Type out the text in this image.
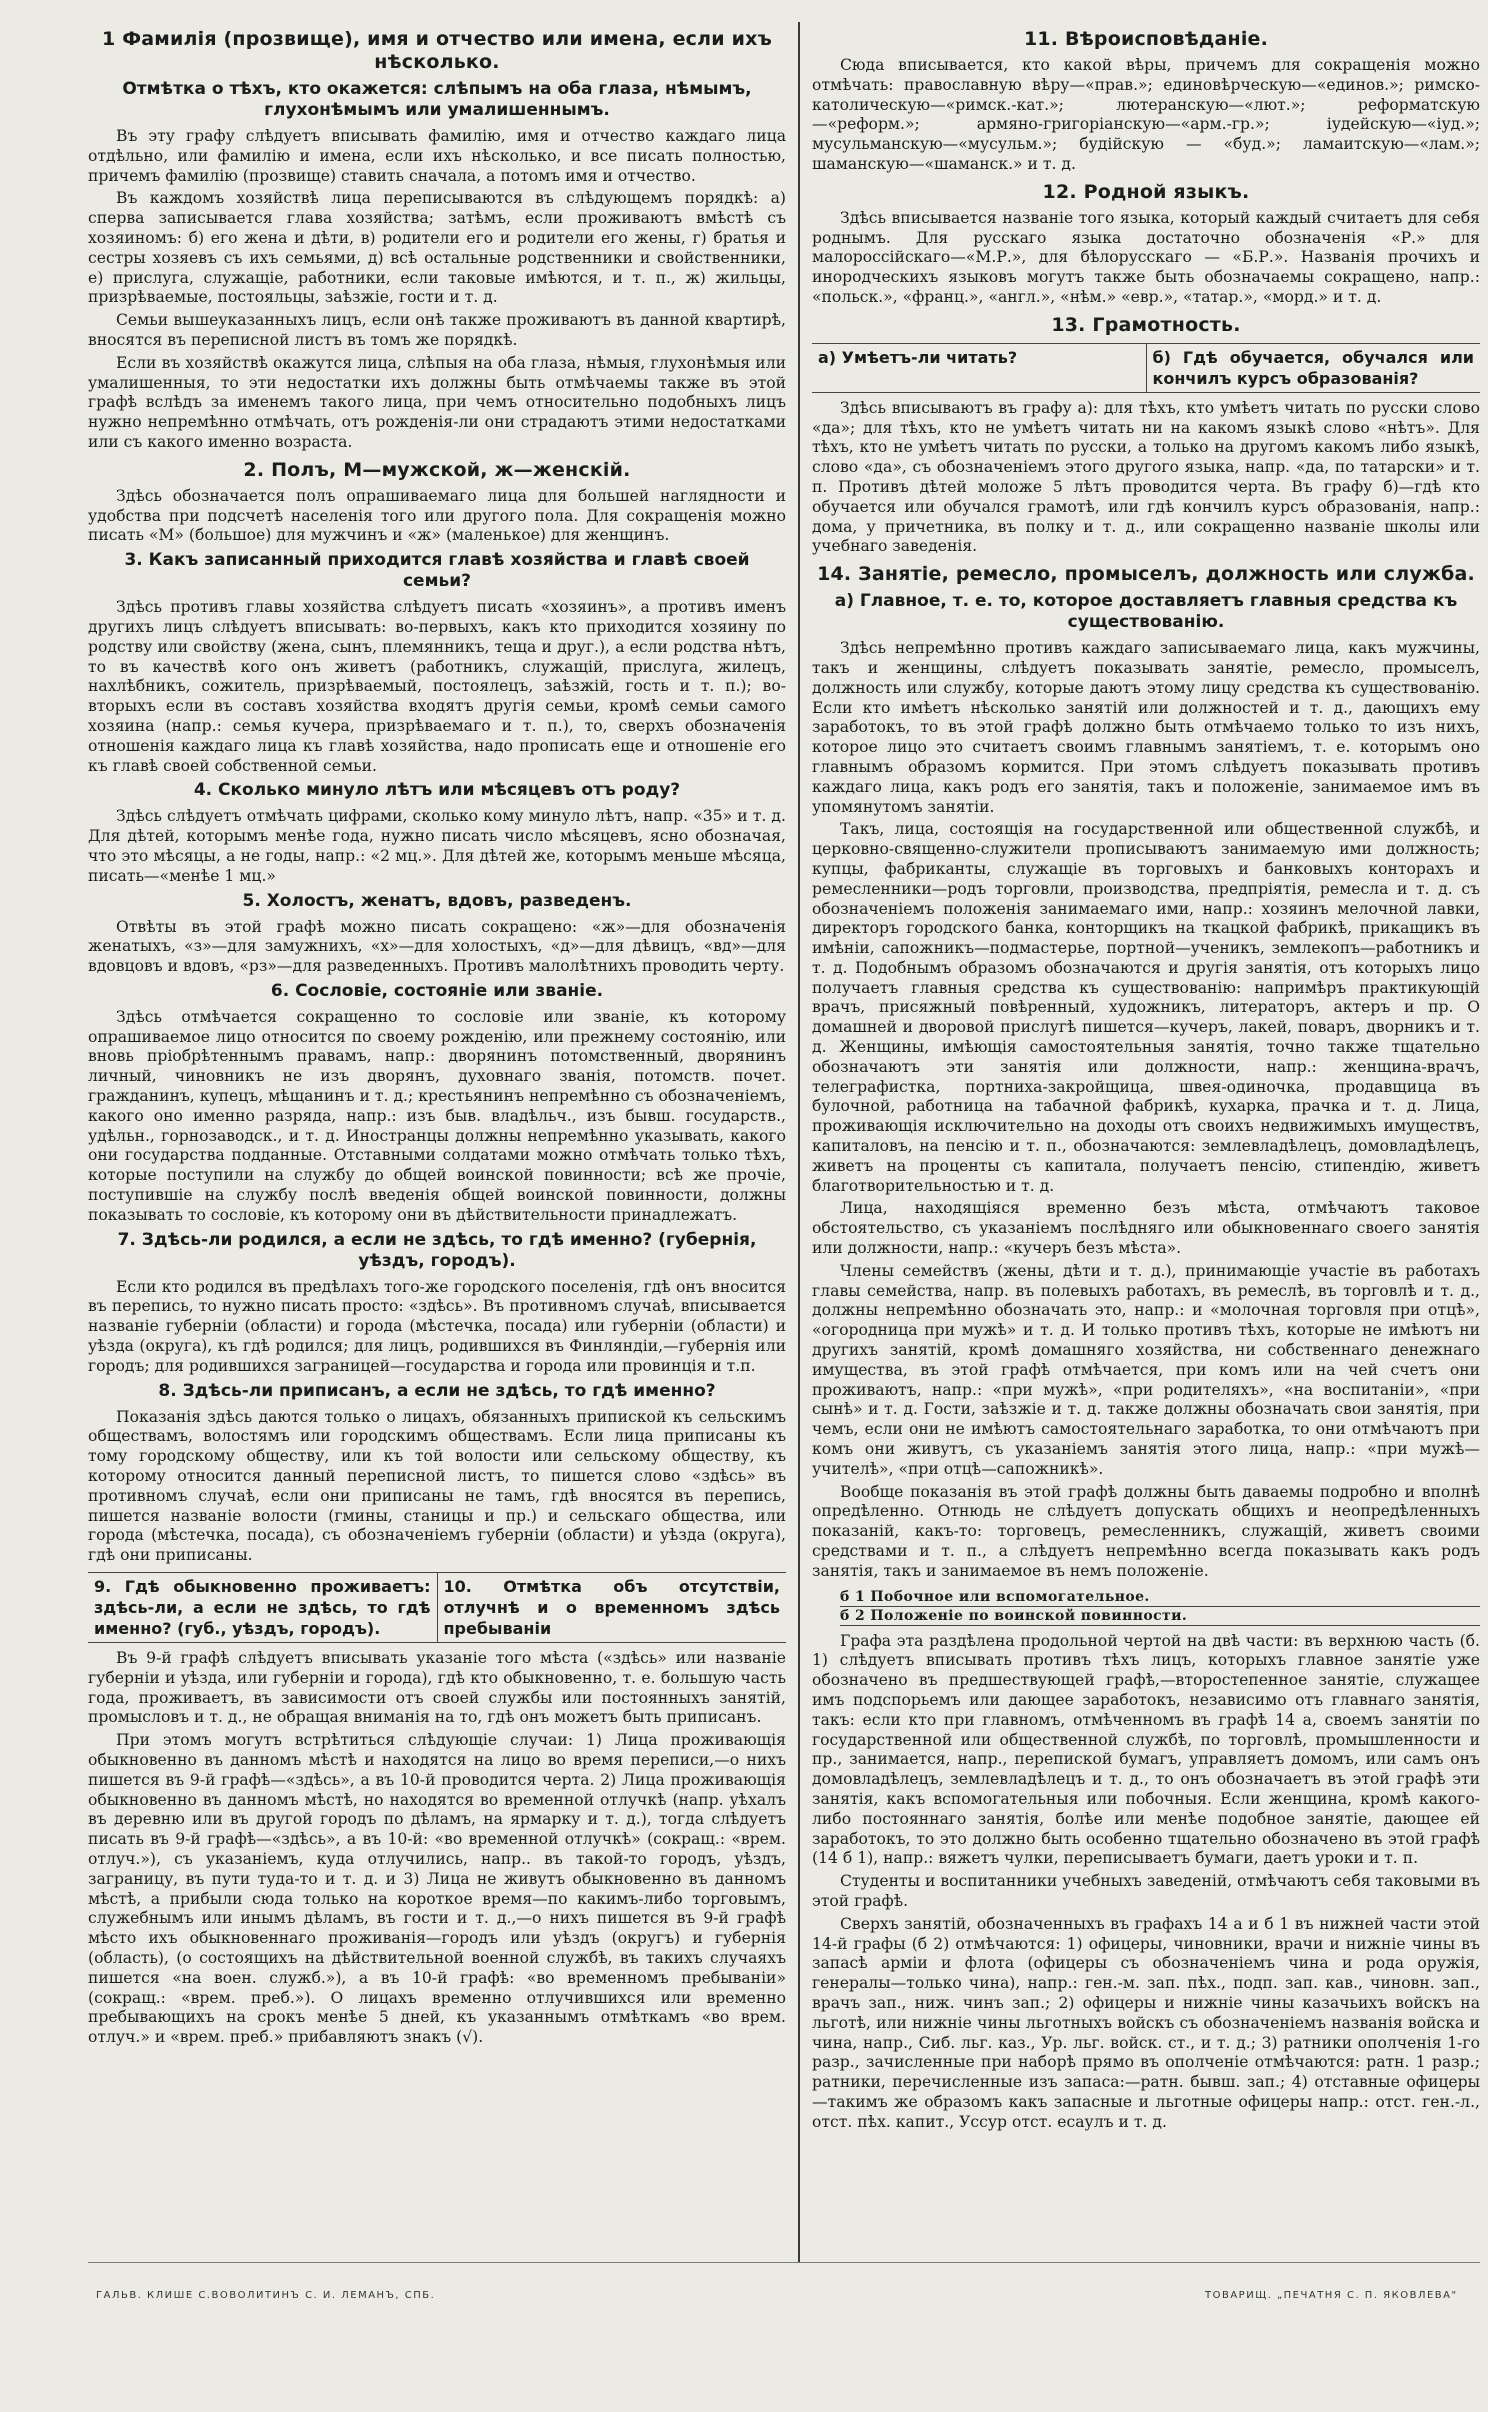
1 Фамилія (прозвище), имя и отчество или имена, если ихъ нѣсколько.
Отмѣтка о тѣхъ, кто окажется: слѣпымъ на оба глаза, нѣмымъ, глухонѣмымъ или умалишеннымъ.

Въ эту графу слѣдуетъ вписывать фамилію, имя и отчество каждаго лица отдѣльно, или фамилію и имена, если ихъ нѣсколько, и все писать полностью, причемъ фамилію (прозвище) ставить сначала, а потомъ имя и отчество.

Въ каждомъ хозяйствѣ лица переписываются въ слѣдующемъ порядкѣ: а) сперва записывается глава хозяйства; затѣмъ, если проживаютъ вмѣстѣ съ хозяиномъ: б) его жена и дѣти, в) родители его и родители его жены, г) братья и сестры хозяевъ съ ихъ семьями, д) всѣ остальные родственники и свойственники, е) прислуга, служащіе, работники, если таковые имѣются, и т. п., ж) жильцы, призрѣваемые, постояльцы, заѣзжіе, гости и т. д.

Семьи вышеуказанныхъ лицъ, если онѣ также проживаютъ въ данной квартирѣ, вносятся въ переписной листъ въ томъ же порядкѣ.

Если въ хозяйствѣ окажутся лица, слѣпыя на оба глаза, нѣмыя, глухонѣмыя или умалишенныя, то эти недостатки ихъ должны быть отмѣчаемы также въ этой графѣ вслѣдъ за именемъ такого лица, при чемъ относительно подобныхъ лицъ нужно непремѣнно отмѣчать, отъ рожденія-ли они страдаютъ этими недостатками или съ какого именно возраста.

2. Полъ, М—мужской, ж—женскій.

Здѣсь обозначается полъ опрашиваемаго лица для большей наглядности и удобства при подсчетѣ населенія того или другого пола. Для сокращенія можно писать «М» (большое) для мужчинъ и «ж» (маленькое) для женщинъ.

3. Какъ записанный приходится главѣ хозяйства и главѣ своей семьи?

Здѣсь противъ главы хозяйства слѣдуетъ писать «хозяинъ», а противъ именъ другихъ лицъ слѣдуетъ вписывать: во-первыхъ, какъ кто приходится хозяину по родству или свойству (жена, сынъ, племянникъ, теща и друг.), а если родства нѣтъ, то въ качествѣ кого онъ живетъ (работникъ, служащій, прислуга, жилецъ, нахлѣбникъ, сожитель, призрѣваемый, постоялецъ, заѣзжій, гость и т. п.); во-вторыхъ если въ составъ хозяйства входятъ другія семьи, кромѣ семьи самого хозяина (напр.: семья кучера, призрѣваемаго и т. п.), то, сверхъ обозначенія отношенія каждаго лица къ главѣ хозяйства, надо прописать еще и отношеніе его къ главѣ своей собственной семьи.

4. Сколько минуло лѣтъ или мѣсяцевъ отъ роду?

Здѣсь слѣдуетъ отмѣчать цифрами, сколько кому минуло лѣтъ, напр. «35» и т. д. Для дѣтей, которымъ менѣе года, нужно писать число мѣсяцевъ, ясно обозначая, что это мѣсяцы, а не годы, напр.: «2 мц.». Для дѣтей же, которымъ меньше мѣсяца, писать—«менѣе 1 мц.»

5. Холостъ, женатъ, вдовъ, разведенъ.

Отвѣты въ этой графѣ можно писать сокращено: «ж»—для обозначенія женатыхъ, «з»—для замужнихъ, «х»—для холостыхъ, «д»—для дѣвицъ, «вд»—для вдовцовъ и вдовъ, «рз»—для разведенныхъ. Противъ малолѣтнихъ проводить черту.

6. Сословіе, состояніе или званіе.

Здѣсь отмѣчается сокращенно то сословіе или званіе, къ которому опрашиваемое лицо относится по своему рожденію, или прежнему состоянію, или вновь пріобрѣтеннымъ правамъ, напр.: дворянинъ потомственный, дворянинъ личный, чиновникъ не изъ дворянъ, духовнаго званія, потомств. почет. гражданинъ, купецъ, мѣщанинъ и т. д.; крестьянинъ непремѣнно съ обозначеніемъ, какого оно именно разряда, напр.: изъ быв. владѣльч., изъ бывш. государств., удѣльн., горнозаводск., и т. д. Иностранцы должны непремѣнно указывать, какого они государства подданные. Отставными солдатами можно отмѣчать только тѣхъ, которые поступили на службу до общей воинской повинности; всѣ же прочіе, поступившіе на службу послѣ введенія общей воинской повинности, должны показывать то сословіе, къ которому они въ дѣйствительности принадлежатъ.

7. Здѣсь-ли родился, а если не здѣсь, то гдѣ именно? (губернія, уѣздъ, городъ).

Если кто родился въ предѣлахъ того-же городского поселенія, гдѣ онъ вносится въ перепись, то нужно писать просто: «здѣсь». Въ противномъ случаѣ, вписывается названіе губерніи (области) и города (мѣстечка, посада) или губерніи (области) и уѣзда (округа), къ гдѣ родился; для лицъ, родившихся въ Финляндіи,—губернія или городъ; для родившихся заграницей—государства и города или провинція и т.п.

8. Здѣсь-ли приписанъ, а если не здѣсь, то гдѣ именно?

Показанія здѣсь даются только о лицахъ, обязанныхъ припиской къ сельскимъ обществамъ, волостямъ или городскимъ обществамъ. Если лица приписаны къ тому городскому обществу, или къ той волости или сельскому обществу, къ которому относится данный переписной листъ, то пишется слово «здѣсь» въ противномъ случаѣ, если они приписаны не тамъ, гдѣ вносятся въ перепись, пишется названіе волости (гмины, станицы и пр.) и сельскаго общества, или города (мѣстечка, посада), съ обозначеніемъ губерніи (области) и уѣзда (округа), гдѣ они приписаны.

9. Гдѣ обыкновенно проживаетъ: здѣсь-ли, а если не здѣсь, то гдѣ именно? (губ., уѣздъ, городъ).
10. Отмѣтка объ отсутствіи, отлучнѣ и о временномъ здѣсь пребываніи

Въ 9-й графѣ слѣдуетъ вписывать указаніе того мѣста («здѣсь» или названіе губерніи и уѣзда, или губерніи и города), гдѣ кто обыкновенно, т. е. большую часть года, проживаетъ, въ зависимости отъ своей службы или постоянныхъ занятій, промысловъ и т. д., не обращая вниманія на то, гдѣ онъ можетъ быть приписанъ.

При этомъ могутъ встрѣтиться слѣдующіе случаи: 1) Лица проживающія обыкновенно въ данномъ мѣстѣ и находятся на лицо во время переписи,—о нихъ пишется въ 9-й графѣ—«здѣсь», а въ 10-й проводится черта. 2) Лица проживающія обыкновенно въ данномъ мѣстѣ, но находятся во временной отлучкѣ (напр. уѣхалъ въ деревню или въ другой городъ по дѣламъ, на ярмарку и т. д.), тогда слѣдуетъ писать въ 9-й графѣ—«здѣсь», а въ 10-й: «во временной отлучкѣ» (сокращ.: «врем. отлуч.»), съ указаніемъ, куда отлучились, напр.. въ такой-то городъ, уѣздъ, заграницу, въ пути туда-то и т. д. и 3) Лица не живутъ обыкновенно въ данномъ мѣстѣ, а прибыли сюда только на короткое время—по какимъ-либо торговымъ, служебнымъ или инымъ дѣламъ, въ гости и т. д.,—о нихъ пишется въ 9-й графѣ мѣсто ихъ обыкновеннаго проживанія—городъ или уѣздъ (округъ) и губернія (область), (о состоящихъ на дѣйствительной военной службѣ, въ такихъ случаяхъ пишется «на воен. служб.»), а въ 10-й графѣ: «во временномъ пребываніи» (сокращ.: «врем. преб.»). О лицахъ временно отлучившихся или временно пребывающихъ на срокъ менѣе 5 дней, къ указаннымъ отмѣткамъ «во врем. отлуч.» и «врем. преб.» прибавляютъ знакъ (√).

11. Вѣроисповѣданіе.

Сюда вписывается, кто какой вѣры, причемъ для сокращенія можно отмѣчать: православную вѣру—«прав.»; единовѣрческую—«единов.»; римско-католическую—«римск.-кат.»; лютеранскую—«лют.»; реформатскую—«реформ.»; армяно-григоріанскую—«арм.-гр.»; іудейскую—«іуд.»; мусульманскую—«мусульм.»; будійскую — «буд.»; ламаитскую—«лам.»; шаманскую—«шаманск.» и т. д.

12. Родной языкъ.

Здѣсь вписывается названіе того языка, который каждый считаетъ для себя роднымъ. Для русскаго языка достаточно обозначенія «Р.» для малороссійскаго—«М.Р.», для бѣлорусскаго — «Б.Р.». Названія прочихъ и инородческихъ языковъ могутъ также быть обозначаемы сокращено, напр.: «польск.», «франц.», «англ.», «нѣм.» «евр.», «татар.», «морд.» и т. д.

13. Грамотность.
а) Умѣетъ-ли читать?	б) Гдѣ обучается, обучался или кончилъ курсъ образованія?

Здѣсь вписываютъ въ графу а): для тѣхъ, кто умѣетъ читать по русски слово «да»; для тѣхъ, кто не умѣетъ читать ни на какомъ языкѣ слово «нѣтъ». Для тѣхъ, кто не умѣетъ читать по русски, а только на другомъ какомъ либо языкѣ, слово «да», съ обозначеніемъ этого другого языка, напр. «да, по татарски» и т. п. Противъ дѣтей моложе 5 лѣтъ проводится черта. Въ графу б)—гдѣ кто обучается или обучался грамотѣ, или гдѣ кончилъ курсъ образованія, напр.: дома, у причетника, въ полку и т. д., или сокращенно названіе школы или учебнаго заведенія.

14. Занятіе, ремесло, промыселъ, должность или служба.
а) Главное, т. е. то, которое доставляетъ главныя средства къ существованію.

Здѣсь непремѣнно противъ каждаго записываемаго лица, какъ мужчины, такъ и женщины, слѣдуетъ показывать занятіе, ремесло, промыселъ, должность или службу, которые даютъ этому лицу средства къ существованію. Если кто имѣетъ нѣсколько занятій или должностей и т. д., дающихъ ему заработокъ, то въ этой графѣ должно быть отмѣчаемо только то изъ нихъ, которое лицо это считаетъ своимъ главнымъ занятіемъ, т. е. которымъ оно главнымъ образомъ кормится. При этомъ слѣдуетъ показывать противъ каждаго лица, какъ родъ его занятія, такъ и положеніе, занимаемое имъ въ упомянутомъ занятіи.

Такъ, лица, состоящія на государственной или общественной службѣ, и церковно-священно-служители прописываютъ занимаемую ими должность; купцы, фабриканты, служащіе въ торговыхъ и банковыхъ конторахъ и ремесленники—родъ торговли, производства, предпріятія, ремесла и т. д. съ обозначеніемъ положенія занимаемаго ими, напр.: хозяинъ мелочной лавки, директоръ городского банка, конторщикъ на ткацкой фабрикѣ, прикащикъ въ имѣніи, сапожникъ—подмастерье, портной—ученикъ, землекопъ—работникъ и т. д. Подобнымъ образомъ обозначаются и другія занятія, отъ которыхъ лицо получаетъ главныя средства къ существованію: напримѣръ практикующій врачъ, присяжный повѣренный, художникъ, литераторъ, актеръ и пр. О домашней и дворовой прислугѣ пишется—кучеръ, лакей, поваръ, дворникъ и т. д. Женщины, имѣющія самостоятельныя занятія, точно также тщательно обозначаютъ эти занятія или должности, напр.: женщина-врачъ, телеграфистка, портниха-закройщица, швея-одиночка, продавщица въ булочной, работница на табачной фабрикѣ, кухарка, прачка и т. д. Лица, проживающія исключительно на доходы отъ своихъ недвижимыхъ имуществъ, капиталовъ, на пенсію и т. п., обозначаются: землевладѣлецъ, домовладѣлецъ, живетъ на проценты съ капитала, получаетъ пенсію, стипендію, живетъ благотворительностью и т. д.

Лица, находящіяся временно безъ мѣста, отмѣчаютъ таковое обстоятельство, съ указаніемъ послѣдняго или обыкновеннаго своего занятія или должности, напр.: «кучеръ безъ мѣста».

Члены семействъ (жены, дѣти и т. д.), принимающіе участіе въ работахъ главы семейства, напр. въ полевыхъ работахъ, въ ремеслѣ, въ торговлѣ и т. д., должны непремѣнно обозначать это, напр.: и «молочная торговля при отцѣ», «огородница при мужѣ» и т. д. И только противъ тѣхъ, которые не имѣютъ ни другихъ занятій, кромѣ домашняго хозяйства, ни собственнаго денежнаго имущества, въ этой графѣ отмѣчается, при комъ или на чей счетъ они проживаютъ, напр.: «при мужѣ», «при родителяхъ», «на воспитаніи», «при сынѣ» и т. д. Гости, заѣзжіе и т. д. также должны обозначать свои занятія, при чемъ, если они не имѣютъ самостоятельнаго заработка, то они отмѣчаютъ при комъ они живутъ, съ указаніемъ занятія этого лица, напр.: «при мужѣ—учителѣ», «при отцѣ—сапожникѣ».

Вообще показанія въ этой графѣ должны быть даваемы подробно и вполнѣ опредѣленно. Отнюдь не слѣдуетъ допускать общихъ и неопредѣленныхъ показаній, какъ-то: торговецъ, ремесленникъ, служащій, живетъ своими средствами и т. п., а слѣдуетъ непремѣнно всегда показывать какъ родъ занятія, такъ и занимаемое въ немъ положеніе.

б 1 Побочное или вспомогательное.
б 2 Положеніе по воинской повинности.

Графа эта раздѣлена продольной чертой на двѣ части: въ верхнюю часть (б. 1) слѣдуетъ вписывать противъ тѣхъ лицъ, которыхъ главное занятіе уже обозначено въ предшествующей графѣ,—второстепенное занятіе, служащее имъ подспорьемъ или дающее заработокъ, независимо отъ главнаго занятія, такъ: если кто при главномъ, отмѣченномъ въ графѣ 14 а, своемъ занятіи по государственной или общественной службѣ, по торговлѣ, промышленности и пр., занимается, напр., перепиской бумагъ, управляетъ домомъ, или самъ онъ домовладѣлецъ, землевладѣлецъ и т. д., то онъ обозначаетъ въ этой графѣ эти занятія, какъ вспомогательныя или побочныя. Если женщина, кромѣ какого-либо постояннаго занятія, болѣе или менѣе подобное занятіе, дающее ей заработокъ, то это должно быть особенно тщательно обозначено въ этой графѣ (14 б 1), напр.: вяжетъ чулки, переписываетъ бумаги, даетъ уроки и т. п.

Студенты и воспитанники учебныхъ заведеній, отмѣчаютъ себя таковыми въ этой графѣ.

Сверхъ занятій, обозначенныхъ въ графахъ 14 а и б 1 въ нижней части этой 14-й графы (б 2) отмѣчаются: 1) офицеры, чиновники, врачи и нижніе чины въ запасѣ арміи и флота (офицеры съ обозначеніемъ чина и рода оружія, генералы—только чина), напр.: ген.-м. зап. пѣх., подп. зап. кав., чиновн. зап., врачъ зап., ниж. чинъ зап.; 2) офицеры и нижніе чины казачьихъ войскъ на льготѣ, или нижніе чины льготныхъ войскъ съ обозначеніемъ названія войска и чина, напр., Сиб. льг. каз., Ур. льг. войск. ст., и т. д.; 3) ратники ополченія 1-го разр., зачисленные при наборѣ прямо въ ополченіе отмѣчаются: ратн. 1 разр.; ратники, перечисленные изъ запаса:—ратн. бывш. зап.; 4) отставные офицеры—такимъ же образомъ какъ запасные и льготные офицеры напр.: отст. ген.-л., отст. пѣх. капит., Уссур отст. есаулъ и т. д.

ГАЛЬВ. КЛИШЕ С.ВОВОЛИТИНЪ С. И. ЛЕМАНЪ, СПБ.	ТОВАРИЩ. „ПЕЧАТНЯ С. П. ЯКОВЛЕВА"
